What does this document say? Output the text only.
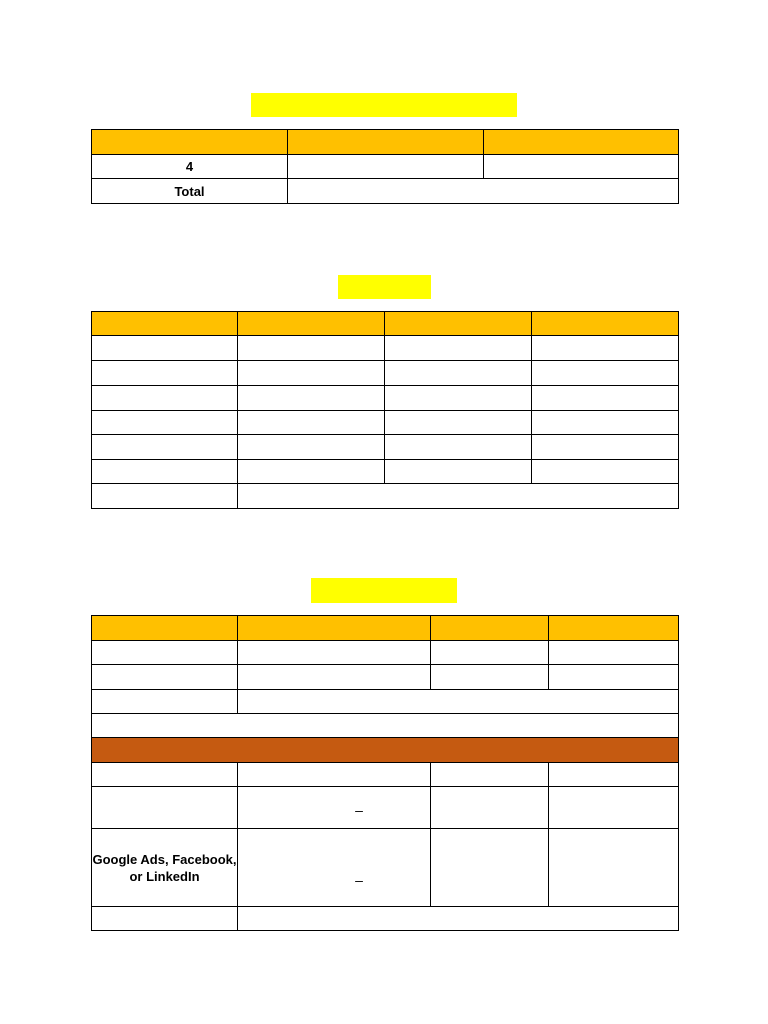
4		
Total		

	–		
Google Ads, Facebook, or LinkedIn	–		
